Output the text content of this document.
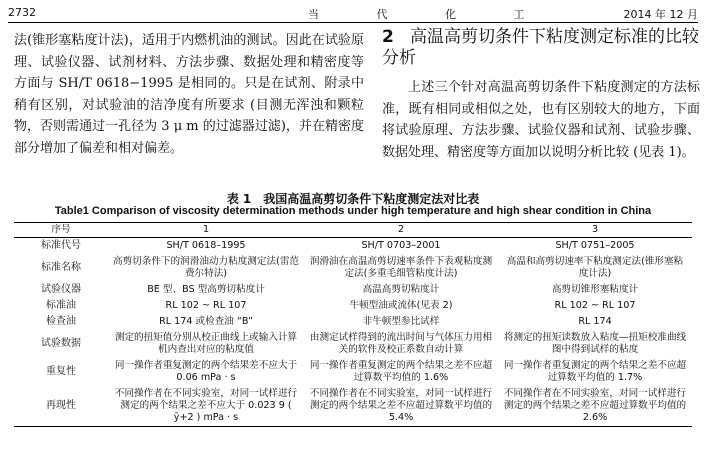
2732	当 代 化 工	2014 年 12 月

法(锥形塞粘度计法)，适用于内燃机油的测试。因此在试验原理、试验仪器、试剂材料、方法步骤、数据处理和精密度等方面与 SH/T 0618−1995 是相同的。只是在试剂、附录中稍有区别，对试验油的洁净度有所要求 (目测无浑浊和颗粒物，否则需通过一孔径为 3 μ m 的过滤器过滤)，并在精密度部分增加了偏差和相对偏差。

2 高温高剪切条件下粘度测定标准的比较分析

上述三个针对高温高剪切条件下粘度测定的方法标准，既有相同或相似之处，也有区别较大的地方，下面将试验原理、方法步骤、试验仪器和试剂、试验步骤、数据处理、精密度等方面加以说明分析比较 (见表 1)。

表 1　我国高温高剪切条件下粘度测定法对比表
Table1 Comparison of viscosity determination methods under high temperature and high shear condition in China
序号	1	2	3
标准代号	SH/T 0618–1995	SH/T 0703–2001	SH/T 0751–2005
标准名称	高剪切条件下的润滑油动力粘度测定法(雷范费尔特法)	润滑油在高温高剪切速率条件下表观粘度测定法(多重毛细管粘度计法)	高温和高剪切速率下粘度测定法(锥形塞粘度计法)
试验仪器	BE 型、BS 型高剪切粘度计	高温高剪切粘度计	高剪切锥形塞粘度计
标准油	RL 102 ~ RL 107	牛顿型油或流体(见表 2)	RL 102 ~ RL 107
检查油	RL 174 或检查油 “B”	非牛顿型参比试样	RL 174
试验数据	测定的扭矩值分别从校正曲线上或输入计算机内查出对应的粘度值	由测定试样得到的流出时间与气体压力用相关的软件及校正系数自动计算	将测定的扭矩读数放入粘度—扭矩校准曲线图中得到试样的粘度
重复性	同一操作者重复测定的两个结果差不应大于 0.06 mPa · s	同一操作者重复测定的两个结果之差不应超过算数平均值的 1.6%	同一操作者重复测定的两个结果之差不应超过算数平均值的 1.7%
再现性	不同操作者在不同实验室，对同一试样进行测定的两个结果之差不应大于 0.023 9 ( ȳ+2 ) mPa · s	不同操作者在不同实验室，对同一试样进行测定的两个结果之差不应超过算数平均值的 5.4%	不同操作者在不同实验室，对同一试样进行测定的两个结果之差不应超过算数平均值的 2.6%
